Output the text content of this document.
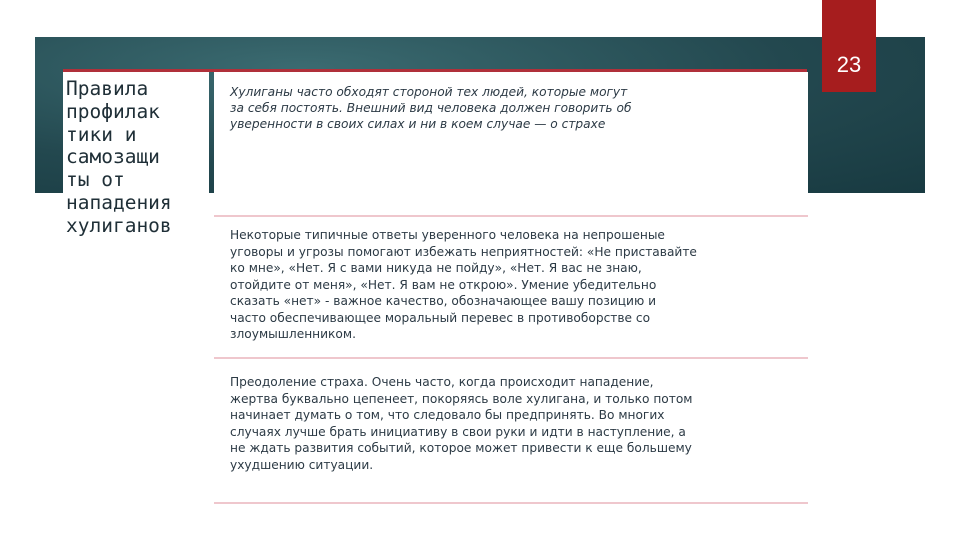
23
Правила
профилак
тики и
самозащи
ты от
нападения
хулиганов
Хулиганы часто обходят стороной тех людей, которые могут
за себя постоять. Внешний вид человека должен говорить об
уверенности в своих силах и ни в коем случае — о страхе
Некоторые типичные ответы уверенного человека на непрошеные
уговоры и угрозы помогают избежать неприятностей: «Не приставайте
ко мне», «Нет. Я с вами никуда не пойду», «Нет. Я вас не знаю,
отойдите от меня», «Нет. Я вам не открою». Умение убедительно
сказать «нет» - важное качество, обозначающее вашу позицию и
часто обеспечивающее моральный перевес в противоборстве со
злоумышленником.
Преодоление страха. Очень часто, когда происходит нападение,
жертва буквально цепенеет, покоряясь воле хулигана, и только потом
начинает думать о том, что следовало бы предпринять. Во многих
случаях лучше брать инициативу в свои руки и идти в наступление, а
не ждать развития событий, которое может привести к еще большему
ухудшению ситуации.
